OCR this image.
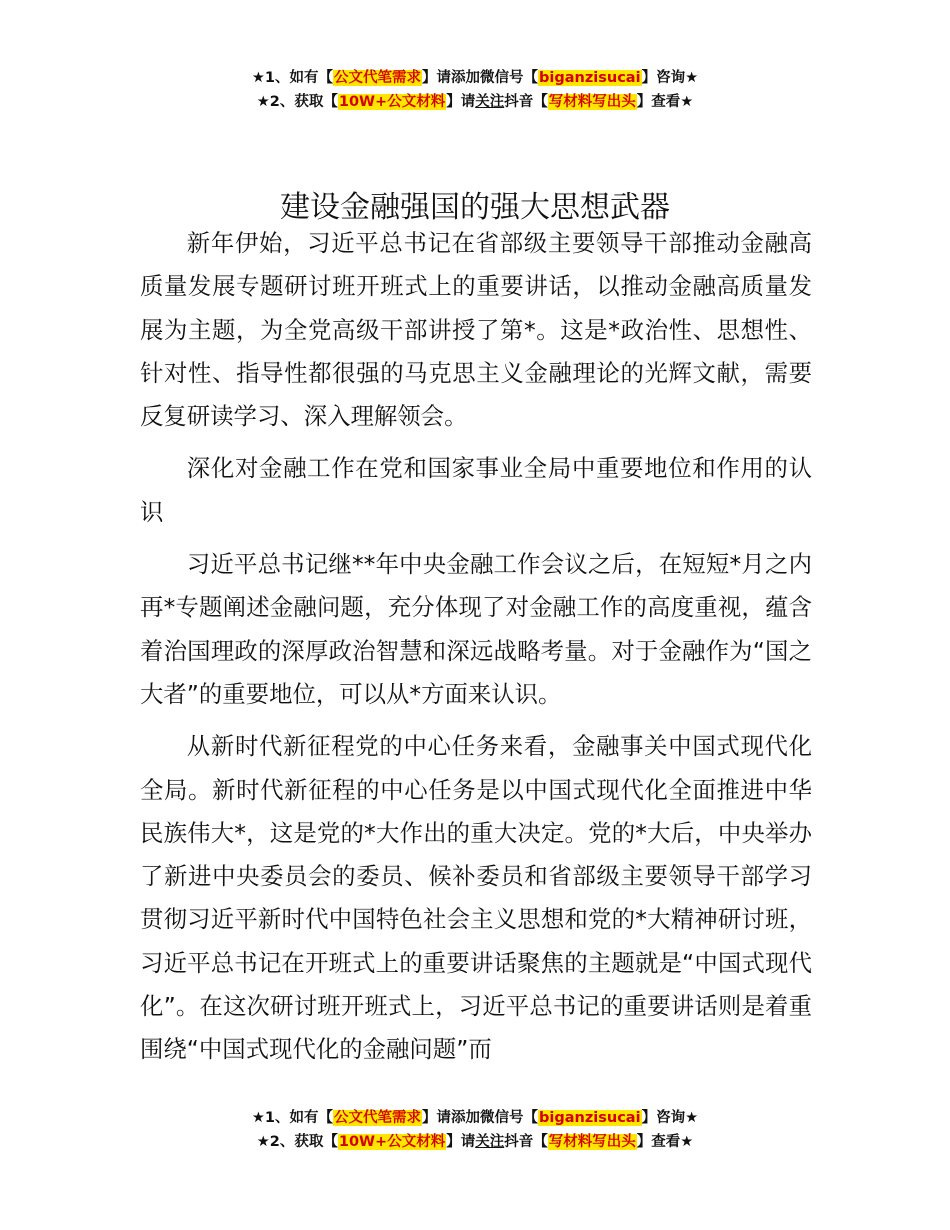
★1、如有【公文代笔需求】请添加微信号【biganzisucai】咨询★
★2、获取【10W+公文材料】请关注抖音【写材料写出头】查看★
建设金融强国的强大思想武器

新年伊始，习近平总书记在省部级主要领导干部推动金融高质量发展专题研讨班开班式上的重要讲话，以推动金融高质量发展为主题，为全党高级干部讲授了第*。这是*政治性、思想性、针对性、指导性都很强的马克思主义金融理论的光辉文献，需要反复研读学习、深入理解领会。

深化对金融工作在党和国家事业全局中重要地位和作用的认识

习近平总书记继**年中央金融工作会议之后，在短短*月之内再*专题阐述金融问题，充分体现了对金融工作的高度重视，蕴含着治国理政的深厚政治智慧和深远战略考量。对于金融作为“国之大者”的重要地位，可以从*方面来认识。

从新时代新征程党的中心任务来看，金融事关中国式现代化全局。新时代新征程的中心任务是以中国式现代化全面推进中华民族伟大*，这是党的*大作出的重大决定。党的*大后，中央举办了新进中央委员会的委员、候补委员和省部级主要领导干部学习贯彻习近平新时代中国特色社会主义思想和党的*大精神研讨班，习近平总书记在开班式上的重要讲话聚焦的主题就是“中国式现代化”。在这次研讨班开班式上，习近平总书记的重要讲话则是着重围绕“中国式现代化的金融问题”而

★1、如有【公文代笔需求】请添加微信号【biganzisucai】咨询★
★2、获取【10W+公文材料】请关注抖音【写材料写出头】查看★
